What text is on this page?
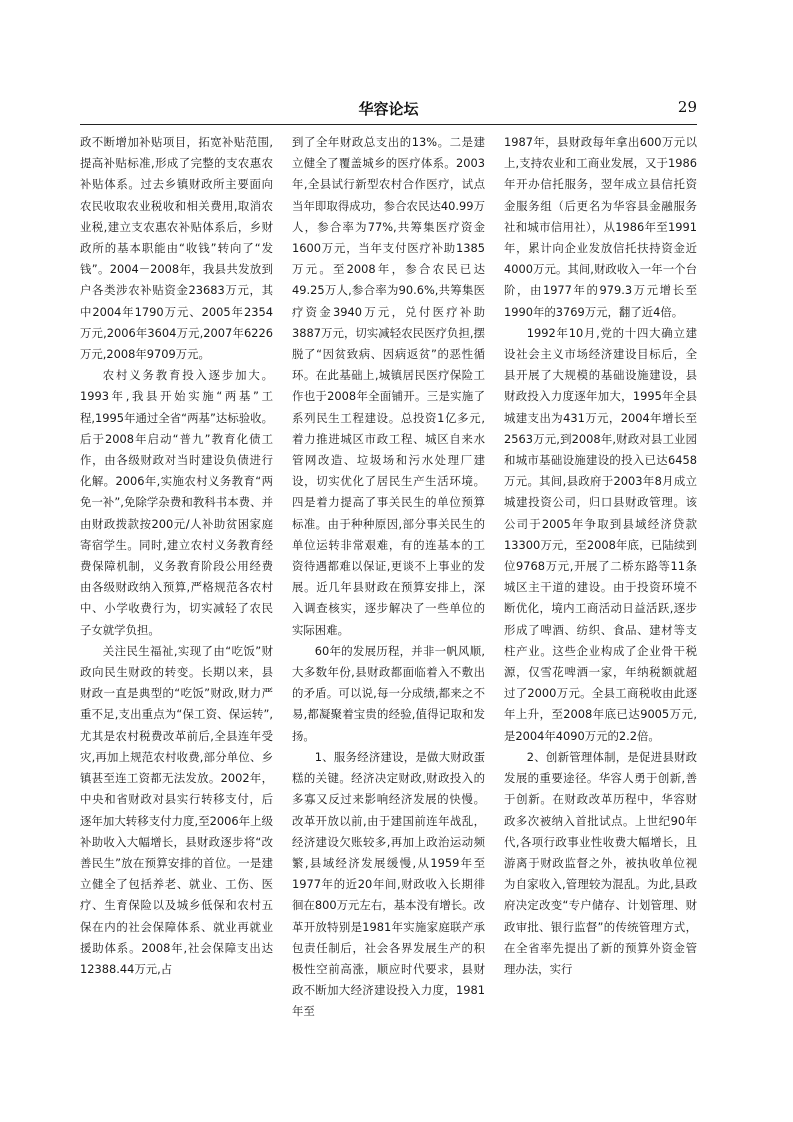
华容论坛	29

政不断增加补贴项目，拓宽补贴范围,提高补贴标准,形成了完整的支农惠农补贴体系。过去乡镇财政所主要面向农民收取农业税收和相关费用,取消农业税,建立支农惠农补贴体系后，乡财政所的基本职能由“收钱”转向了“发钱”。2004－2008年，我县共发放到户各类涉农补贴资金23683万元，其中2004年1790万元、2005年2354万元,2006年3604万元,2007年6226万元,2008年9709万元。

农村义务教育投入逐步加大。1993年,我县开始实施“两基”工程,1995年通过全省“两基”达标验收。后于2008年启动“普九”教育化债工作，由各级财政对当时建设负债进行化解。2006年,实施农村义务教育“两免一补”,免除学杂费和教科书本费、并由财政拨款按200元/人补助贫困家庭寄宿学生。同时,建立农村义务教育经费保障机制，义务教育阶段公用经费由各级财政纳入预算,严格规范各农村中、小学收费行为，切实减轻了农民子女就学负担。

关注民生福祉,实现了由“吃饭”财政向民生财政的转变。长期以来，县财政一直是典型的“吃饭”财政,财力严重不足,支出重点为“保工资、保运转”,尤其是农村税费改革前后,全县连年受灾,再加上规范农村收费,部分单位、乡镇甚至连工资都无法发放。2002年，中央和省财政对县实行转移支付，后逐年加大转移支付力度,至2006年上级补助收入大幅增长，县财政逐步将“改善民生”放在预算安排的首位。一是建立健全了包括养老、就业、工伤、医疗、生育保险以及城乡低保和农村五保在内的社会保障体系、就业再就业援助体系。2008年,社会保障支出达12388.44万元,占

到了全年财政总支出的13%。二是建立健全了覆盖城乡的医疗体系。2003年,全县试行新型农村合作医疗，试点当年即取得成功，参合农民达40.99万人，参合率为77%,共筹集医疗资金1600万元，当年支付医疗补助1385万元。至2008年，参合农民已达49.25万人,参合率为90.6%,共筹集医疗资金3940万元，兑付医疗补助3887万元，切实减轻农民医疗负担,摆脱了“因贫致病、因病返贫”的恶性循环。在此基础上,城镇居民医疗保险工作也于2008年全面铺开。三是实施了系列民生工程建设。总投资1亿多元,着力推进城区市政工程、城区自来水管网改造、垃圾场和污水处理厂建设，切实优化了居民生产生活环境。四是着力提高了事关民生的单位预算标准。由于种种原因,部分事关民生的单位运转非常艰难，有的连基本的工资待遇都难以保证,更谈不上事业的发展。近几年县财政在预算安排上，深入调查核实，逐步解决了一些单位的实际困难。

60年的发展历程，并非一帆风顺,大多数年份,县财政都面临着入不敷出的矛盾。可以说,每一分成绩,都来之不易,都凝聚着宝贵的经验,值得记取和发扬。

1、服务经济建设，是做大财政蛋糕的关键。经济决定财政,财政投入的多寡又反过来影响经济发展的快慢。改革开放以前,由于建国前连年战乱，经济建设欠账较多,再加上政治运动频繁,县域经济发展缓慢,从1959年至1977年的近20年间,财政收入长期徘徊在800万元左右，基本没有增长。改革开放特别是1981年实施家庭联产承包责任制后，社会各界发展生产的积极性空前高涨，顺应时代要求，县财政不断加大经济建设投入力度，1981年至

1987年，县财政每年拿出600万元以上,支持农业和工商业发展，又于1986年开办信托服务，翌年成立县信托资金服务组（后更名为华容县金融服务社和城市信用社），从1986年至1991年，累计向企业发放信托扶持资金近4000万元。其间,财政收入一年一个台阶，由1977年的979.3万元增长至1990年的3769万元，翻了近4倍。

1992年10月,党的十四大确立建设社会主义市场经济建设目标后，全县开展了大规模的基础设施建设，县财政投入力度逐年加大，1995年全县城建支出为431万元，2004年增长至2563万元,到2008年,财政对县工业园和城市基础设施建设的投入已达6458万元。其间,县政府于2003年8月成立城建投资公司，归口县财政管理。该公司于2005年争取到县域经济贷款13300万元，至2008年底，已陆续到位9768万元,开展了二桥东路等11条城区主干道的建设。由于投资环境不断优化，境内工商活动日益活跃,逐步形成了啤酒、纺织、食品、建材等支柱产业。这些企业构成了企业骨干税源，仅雪花啤酒一家，年纳税额就超过了2000万元。全县工商税收由此逐年上升，至2008年底已达9005万元,是2004年4090万元的2.2倍。

2、创新管理体制，是促进县财政发展的重要途径。华容人勇于创新,善于创新。在财政改革历程中，华容财政多次被纳入首批试点。上世纪90年代,各项行政事业性收费大幅增长，且游离于财政监督之外，被执收单位视为自家收入,管理较为混乱。为此,县政府决定改变“专户储存、计划管理、财政审批、银行监督”的传统管理方式，在全省率先提出了新的预算外资金管理办法，实行
